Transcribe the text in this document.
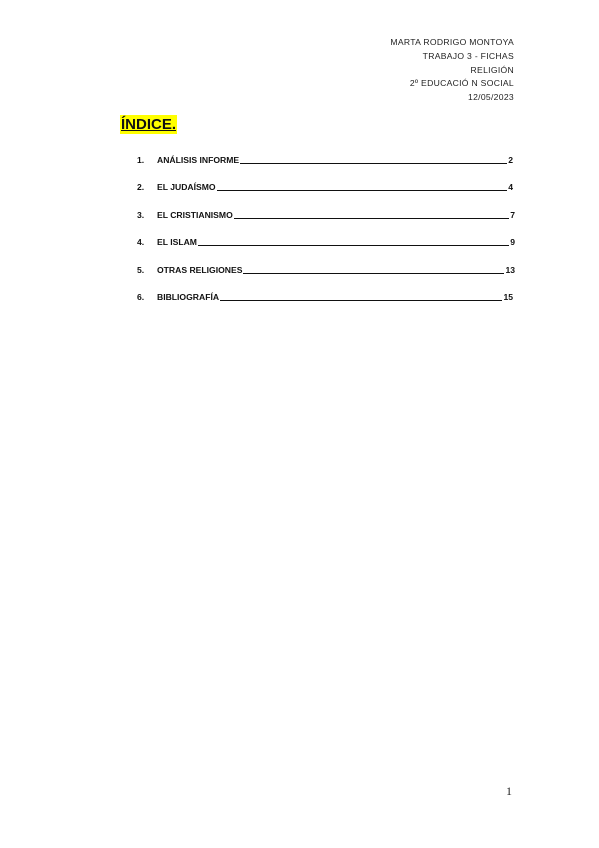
MARTA RODRIGO MONTOYA
TRABAJO 3 - FICHAS
RELIGIÓN
2º EDUCACIÓ N SOCIAL
12/05/2023
ÍNDICE.
1.	ANÁLISIS INFORME	2
2.	EL JUDAÍSMO	4
3.	EL CRISTIANISMO	7
4.	EL ISLAM	9
5.	OTRAS RELIGIONES	13
6.	BIBLIOGRAFÍA	15
1
